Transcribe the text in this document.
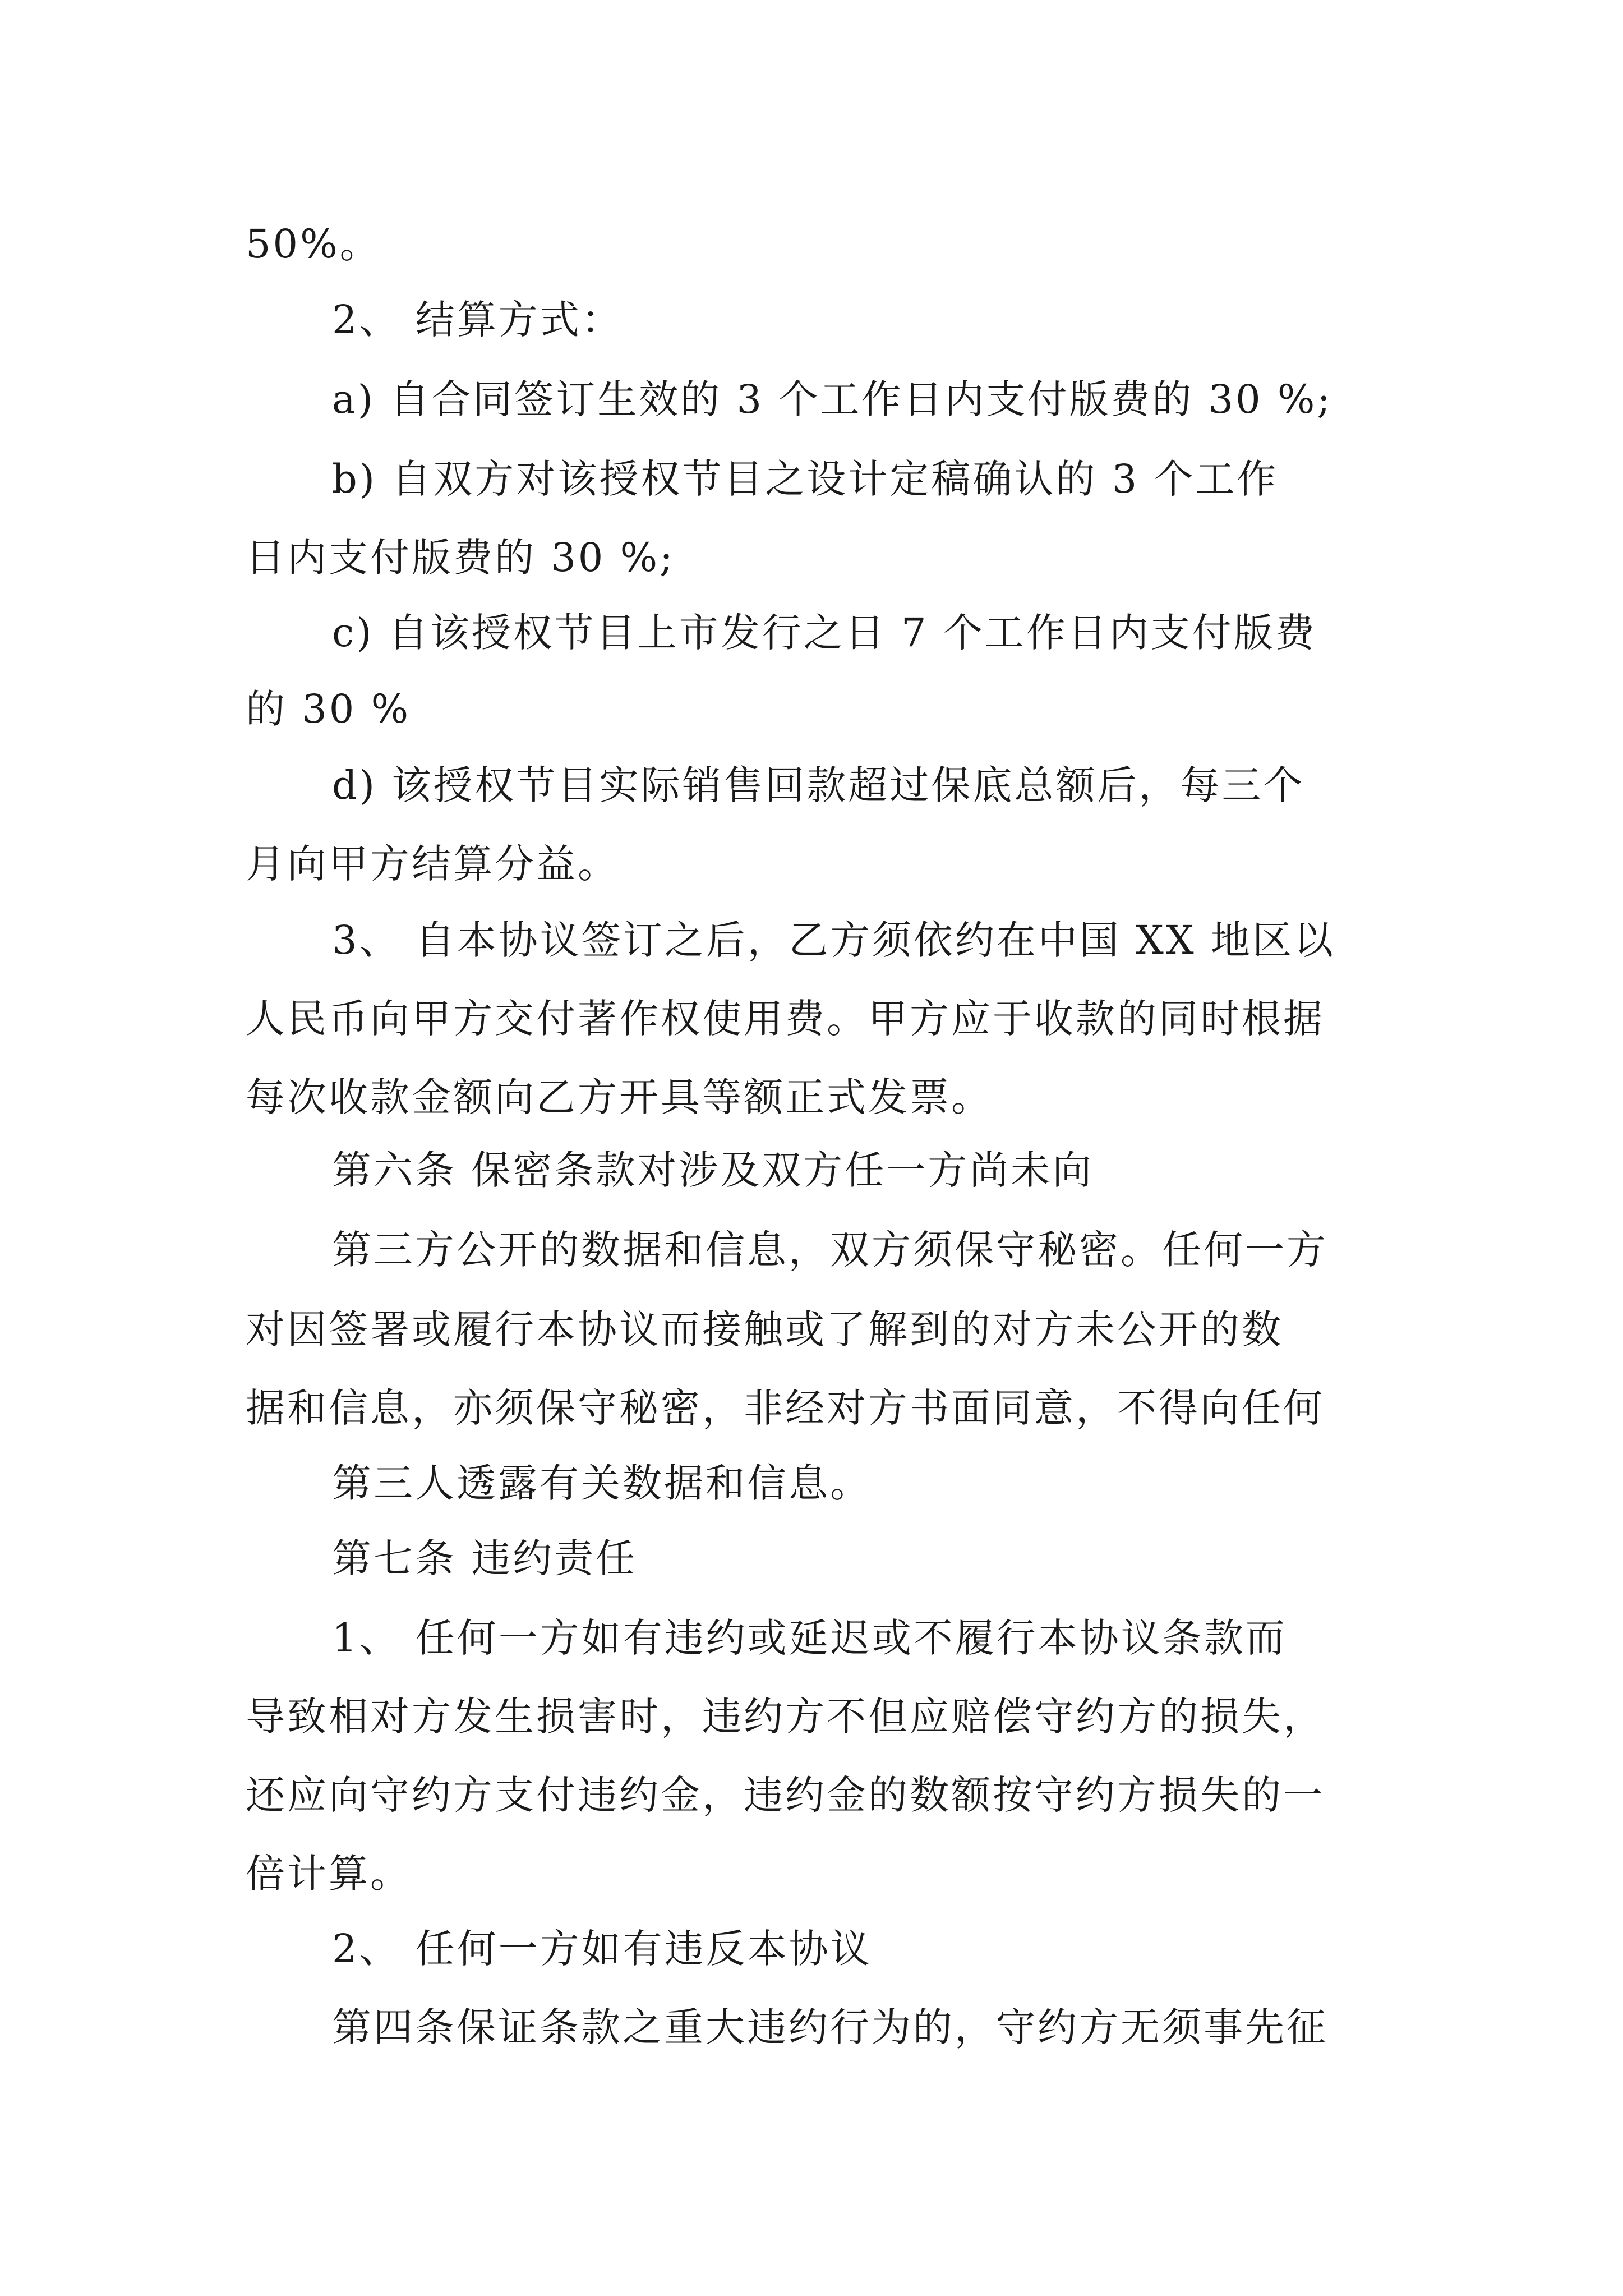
50%。
2、 结算方式：
a) 自合同签订生效的 3 个工作日内支付版费的 30 %;
b) 自双方对该授权节目之设计定稿确认的 3 个工作
日内支付版费的 30 %;
c) 自该授权节目上市发行之日 7 个工作日内支付版费
的 30 %
d) 该授权节目实际销售回款超过保底总额后，每三个
月向甲方结算分益。
3、 自本协议签订之后，乙方须依约在中国 XX 地区以
人民币向甲方交付著作权使用费。甲方应于收款的同时根据
每次收款金额向乙方开具等额正式发票。
第六条 保密条款对涉及双方任一方尚未向
第三方公开的数据和信息，双方须保守秘密。任何一方
对因签署或履行本协议而接触或了解到的对方未公开的数
据和信息，亦须保守秘密，非经对方书面同意，不得向任何
第三人透露有关数据和信息。
第七条 违约责任
1、 任何一方如有违约或延迟或不履行本协议条款而
导致相对方发生损害时，违约方不但应赔偿守约方的损失，
还应向守约方支付违约金，违约金的数额按守约方损失的一
倍计算。
2、 任何一方如有违反本协议
第四条保证条款之重大违约行为的，守约方无须事先征
